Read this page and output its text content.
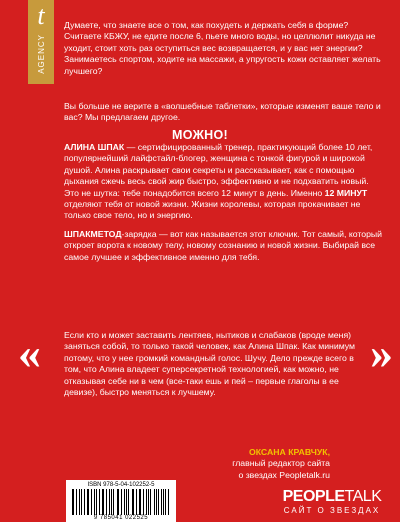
t
AGENCY

Думаете, что знаете все о том, как похудеть и держать себя в форме? Считаете КБЖУ, не едите после 6, пьете много воды, но целлюлит никуда не уходит, стоит хоть раз оступиться вес возвращается, и у вас нет энергии? Занимаетесь спортом, ходите на массажи, а упругость кожи оставляет желать лучшего?

Вы больше не верите в «волшебные таблетки», которые изменят ваше тело и вас? Мы предлагаем другое.

МОЖНО!

АЛИНА ШПАК — сертифицированный тренер, практикующий более 10 лет, популярнейший лайфстайл-блогер, женщина с тонкой фигурой и широкой душой. Алина раскрывает свои секреты и рассказывает, как с помощью дыхания сжечь весь свой жир быстро, эффективно и не подхватить новый. Это не шутка: тебе понадобится всего 12 минут в день. Именно 12 МИНУТ отделяют тебя от новой жизни. Жизни королевы, которая прокачивает не только свое тело, но и энергию.

ШПАКМЕТОД-зарядка — вот как называется этот ключик. Тот самый, который откроет ворота к новому телу, новому сознанию и новой жизни. Выбирай все самое лучшее и эффективное именно для тебя.

«	Если кто и может заставить лентяев, нытиков и слабаков (вроде меня) заняться собой, то только такой человек, как Алина Шпак. Как минимум потому, что у нее громкий командный голос. Шучу. Дело прежде всего в том, что Алина владеет суперсекретной технологией, как можно, не отказывая себе ни в чем (все-таки ешь и пей – первые глаголы в ее девизе), быстро меняться к лучшему.

»
ОКСАНА КРАВЧУК,
главный редактор сайта
о звездах Peopletalk.ru
ISBN 978-5-04-102252-5
9 785041 022525
PEOPLETALK
САЙТ О ЗВЕЗДАХ
